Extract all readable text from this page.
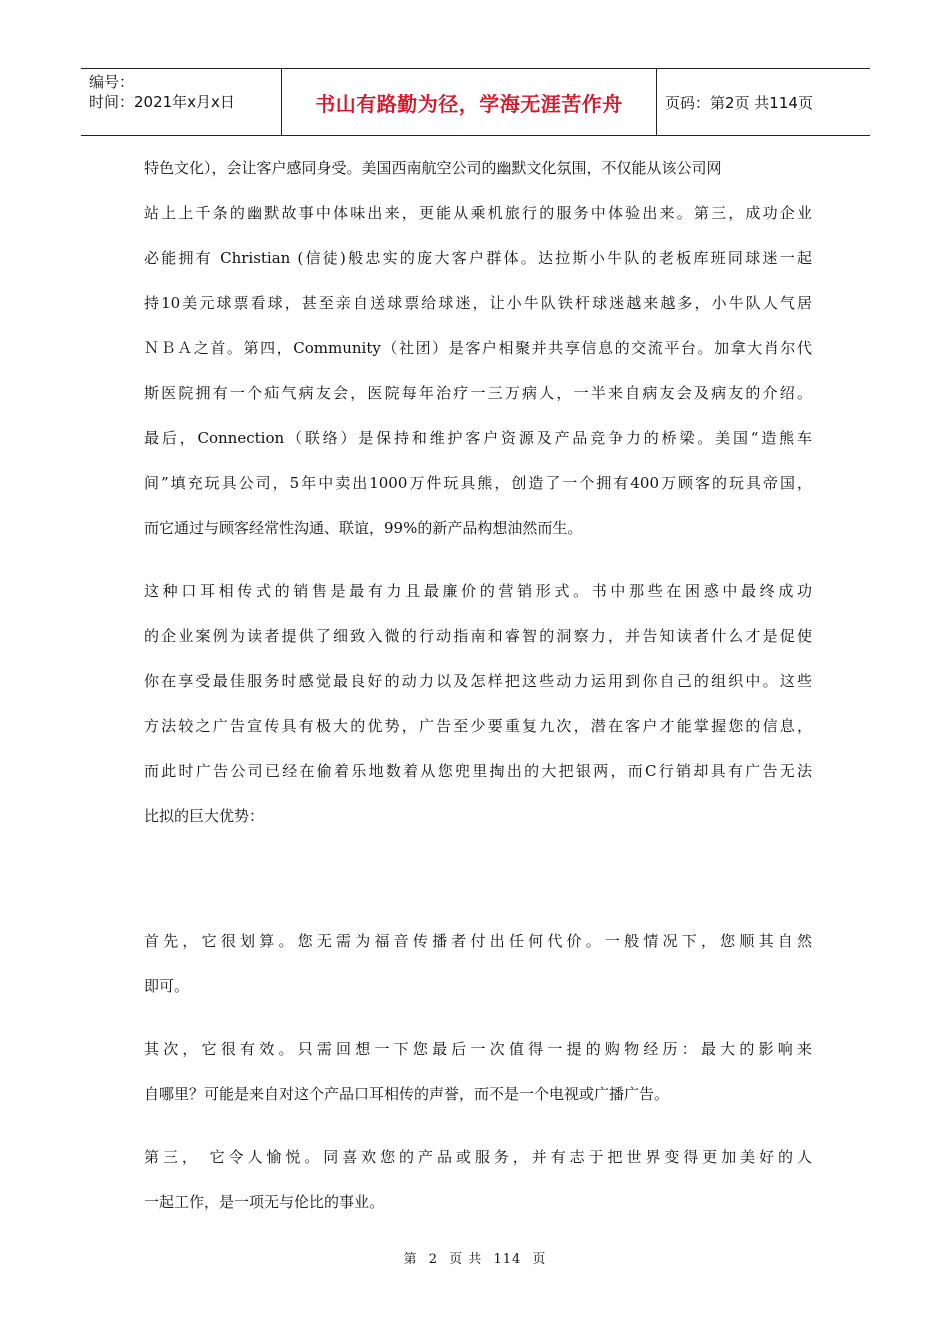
编号：
时间：2021年x月x日	书山有路勤为径，学海无涯苦作舟	页码：第2页 共114页
特色文化），会让客户感同身受。美国西南航空公司的幽默文化氛围，不仅能从该公司网
站上上千条的幽默故事中体味出来，更能从乘机旅行的服务中体验出来。第三，成功企业
必能拥有 Christian (信徒)般忠实的庞大客户群体。达拉斯小牛队的老板库班同球迷一起
持10美元球票看球，甚至亲自送球票给球迷，让小牛队铁杆球迷越来越多，小牛队人气居
ＮＢＡ之首。第四，Community（社团）是客户相聚并共享信息的交流平台。加拿大肖尔代
斯医院拥有一个疝气病友会，医院每年治疗一三万病人，一半来自病友会及病友的介绍。
最后，Connection（联络）是保持和维护客户资源及产品竞争力的桥梁。美国“造熊车
间”填充玩具公司，5年中卖出1000万件玩具熊，创造了一个拥有400万顾客的玩具帝国，
而它通过与顾客经常性沟通、联谊，99%的新产品构想油然而生。
这种口耳相传式的销售是最有力且最廉价的营销形式。书中那些在困惑中最终成功
的企业案例为读者提供了细致入微的行动指南和睿智的洞察力，并告知读者什么才是促使
你在享受最佳服务时感觉最良好的动力以及怎样把这些动力运用到你自己的组织中。这些
方法较之广告宣传具有极大的优势，广告至少要重复九次，潜在客户才能掌握您的信息，
而此时广告公司已经在偷着乐地数着从您兜里掏出的大把银两，而C行销却具有广告无法
比拟的巨大优势：
首先，它很划算。您无需为福音传播者付出任何代价。一般情况下，您顺其自然
即可。
其次，它很有效。只需回想一下您最后一次值得一提的购物经历：最大的影响来
自哪里？可能是来自对这个产品口耳相传的声誉，而不是一个电视或广播广告。
第三， 它令人愉悦。同喜欢您的产品或服务，并有志于把世界变得更加美好的人
一起工作，是一项无与伦比的事业。
第 2 页 共 114 页
